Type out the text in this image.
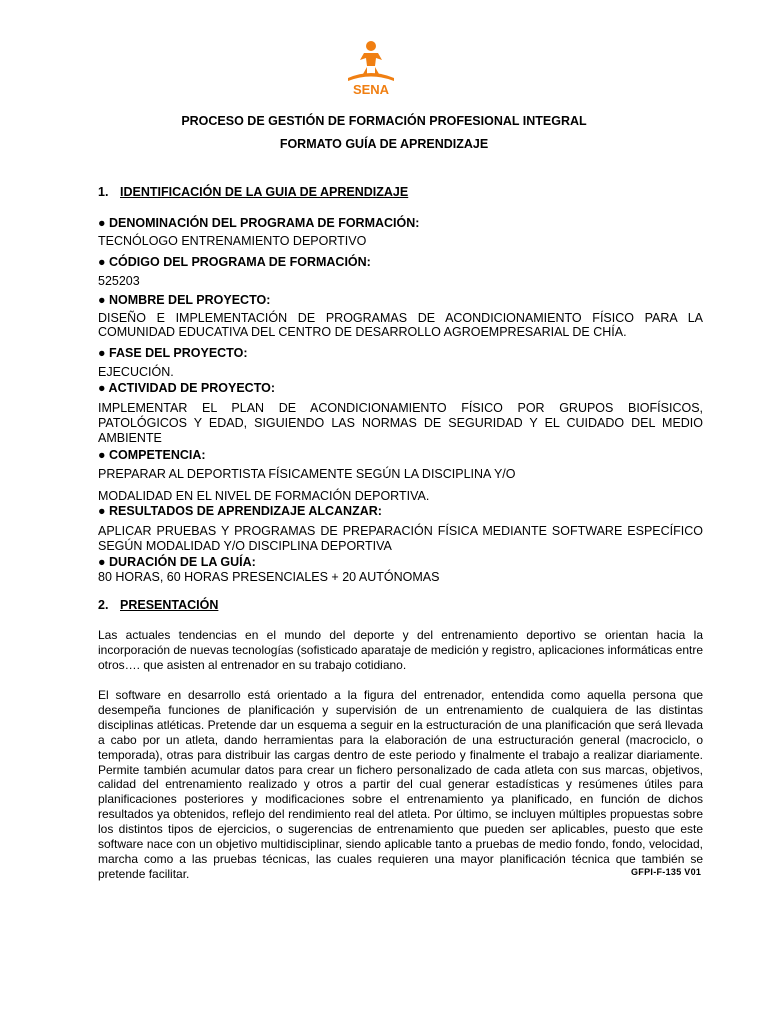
SENA
PROCESO DE GESTIÓN DE FORMACIÓN PROFESIONAL INTEGRAL
FORMATO GUÍA DE APRENDIZAJE
1. IDENTIFICACIÓN DE LA GUIA DE APRENDIZAJE
● DENOMINACIÓN DEL PROGRAMA DE FORMACIÓN:
TECNÓLOGO ENTRENAMIENTO DEPORTIVO
● CÓDIGO DEL PROGRAMA DE FORMACIÓN:
525203
● NOMBRE DEL PROYECTO:
DISEÑO E IMPLEMENTACIÓN DE PROGRAMAS DE ACONDICIONAMIENTO FÍSICO PARA LA COMUNIDAD EDUCATIVA DEL CENTRO DE DESARROLLO AGROEMPRESARIAL DE CHÍA.
● FASE DEL PROYECTO:
EJECUCIÓN.
● ACTIVIDAD DE PROYECTO:
IMPLEMENTAR EL PLAN DE ACONDICIONAMIENTO FÍSICO POR GRUPOS BIOFÍSICOS, PATOLÓGICOS Y EDAD, SIGUIENDO LAS NORMAS DE SEGURIDAD Y EL CUIDADO DEL MEDIO AMBIENTE
● COMPETENCIA:
PREPARAR AL DEPORTISTA FÍSICAMENTE SEGÚN LA DISCIPLINA Y/O
MODALIDAD EN EL NIVEL DE FORMACIÓN DEPORTIVA.
● RESULTADOS DE APRENDIZAJE ALCANZAR:
APLICAR PRUEBAS Y PROGRAMAS DE PREPARACIÓN FÍSICA MEDIANTE SOFTWARE ESPECÍFICO SEGÚN MODALIDAD Y/O DISCIPLINA DEPORTIVA
● DURACIÓN DE LA GUÍA:
80 HORAS, 60 HORAS PRESENCIALES + 20 AUTÓNOMAS
2. PRESENTACIÓN
Las actuales tendencias en el mundo del deporte y del entrenamiento deportivo se orientan hacia la incorporación de nuevas tecnologías (sofisticado aparataje de medición y registro, aplicaciones informáticas entre otros…. que asisten al entrenador en su trabajo cotidiano.
El software en desarrollo está orientado a la figura del entrenador, entendida como aquella persona que desempeña funciones de planificación y supervisión de un entrenamiento de cualquiera de las distintas disciplinas atléticas. Pretende dar un esquema a seguir en la estructuración de una planificación que será llevada a cabo por un atleta, dando herramientas para la elaboración de una estructuración general (macrociclo, o temporada), otras para distribuir las cargas dentro de este periodo y finalmente el trabajo a realizar diariamente. Permite también acumular datos para crear un fichero personalizado de cada atleta con sus marcas, objetivos, calidad del entrenamiento realizado y otros a partir del cual generar estadísticas y resúmenes útiles para planificaciones posteriores y modificaciones sobre el entrenamiento ya planificado, en función de dichos resultados ya obtenidos, reflejo del rendimiento real del atleta. Por último, se incluyen múltiples propuestas sobre los distintos tipos de ejercicios, o sugerencias de entrenamiento que pueden ser aplicables, puesto que este software nace con un objetivo multidisciplinar, siendo aplicable tanto a pruebas de medio fondo, fondo, velocidad, marcha como a las pruebas técnicas, las cuales requieren una mayor planificación técnica que también se pretende facilitar.	GFPI-F-135 V01
